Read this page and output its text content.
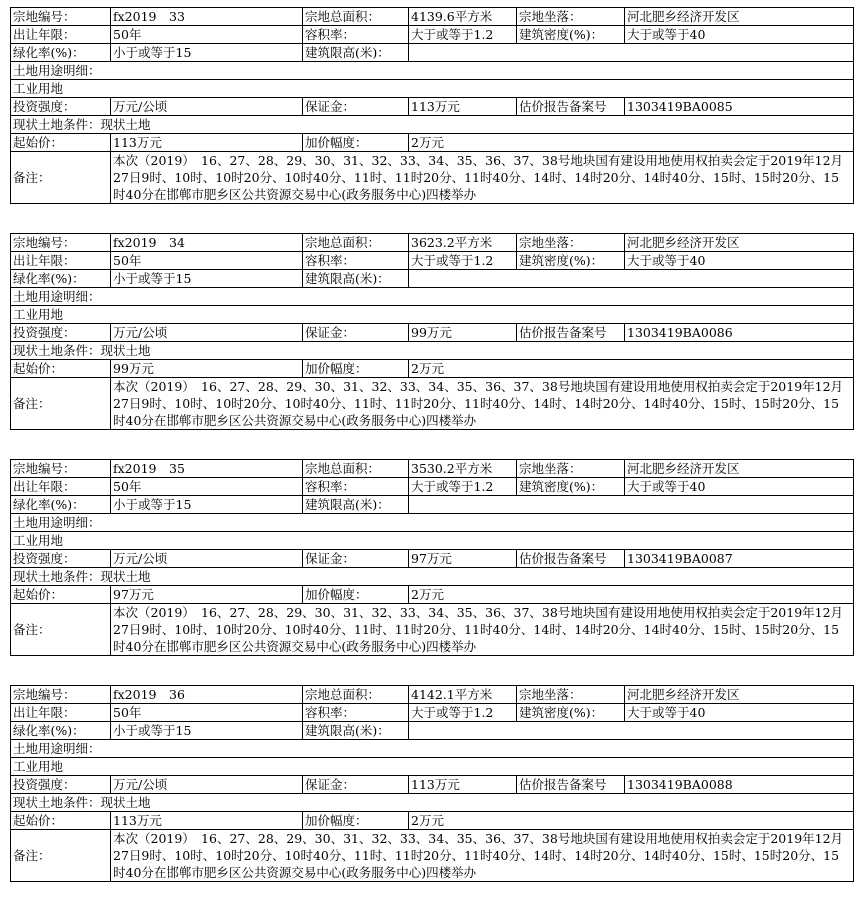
宗地编号：	fx2019　33	宗地总面积：	4139.6平方米	宗地坐落：	河北肥乡经济开发区
出让年限：	50年	容积率：	大于或等于1.2	建筑密度(%)：	大于或等于40
绿化率(%)：	小于或等于15	建筑限高(米)：			
土地用途明细：					
工业用地					
投资强度：	万元/公顷	保证金：	113万元	估价报告备案号	1303419BA0085
现状土地条件：现状土地					
起始价：	113万元	加价幅度：	2万元		
备注：	本次（2019）　16、27、28、29、30、31、32、33、34、35、36、37、38号地块国有建设用地使用权拍卖会定于2019年12月27日9时、10时、10时20分、10时40分、11时、11时20分、11时40分、14时、14时20分、14时40分、15时、15时20分、15时40分在邯郸市肥乡区公共资源交易中心(政务服务中心)四楼举办				
宗地编号：	fx2019　34	宗地总面积：	3623.2平方米	宗地坐落：	河北肥乡经济开发区
出让年限：	50年	容积率：	大于或等于1.2	建筑密度(%)：	大于或等于40
绿化率(%)：	小于或等于15	建筑限高(米)：			
土地用途明细：					
工业用地					
投资强度：	万元/公顷	保证金：	99万元	估价报告备案号	1303419BA0086
现状土地条件：现状土地					
起始价：	99万元	加价幅度：	2万元		
备注：	本次（2019）　16、27、28、29、30、31、32、33、34、35、36、37、38号地块国有建设用地使用权拍卖会定于2019年12月27日9时、10时、10时20分、10时40分、11时、11时20分、11时40分、14时、14时20分、14时40分、15时、15时20分、15时40分在邯郸市肥乡区公共资源交易中心(政务服务中心)四楼举办				
宗地编号：	fx2019　35	宗地总面积：	3530.2平方米	宗地坐落：	河北肥乡经济开发区
出让年限：	50年	容积率：	大于或等于1.2	建筑密度(%)：	大于或等于40
绿化率(%)：	小于或等于15	建筑限高(米)：			
土地用途明细：					
工业用地					
投资强度：	万元/公顷	保证金：	97万元	估价报告备案号	1303419BA0087
现状土地条件：现状土地					
起始价：	97万元	加价幅度：	2万元		
备注：	本次（2019）　16、27、28、29、30、31、32、33、34、35、36、37、38号地块国有建设用地使用权拍卖会定于2019年12月27日9时、10时、10时20分、10时40分、11时、11时20分、11时40分、14时、14时20分、14时40分、15时、15时20分、15时40分在邯郸市肥乡区公共资源交易中心(政务服务中心)四楼举办				
宗地编号：	fx2019　36	宗地总面积：	4142.1平方米	宗地坐落：	河北肥乡经济开发区
出让年限：	50年	容积率：	大于或等于1.2	建筑密度(%)：	大于或等于40
绿化率(%)：	小于或等于15	建筑限高(米)：			
土地用途明细：					
工业用地					
投资强度：	万元/公顷	保证金：	113万元	估价报告备案号	1303419BA0088
现状土地条件：现状土地					
起始价：	113万元	加价幅度：	2万元		
备注：	本次（2019）　16、27、28、29、30、31、32、33、34、35、36、37、38号地块国有建设用地使用权拍卖会定于2019年12月27日9时、10时、10时20分、10时40分、11时、11时20分、11时40分、14时、14时20分、14时40分、15时、15时20分、15时40分在邯郸市肥乡区公共资源交易中心(政务服务中心)四楼举办				
